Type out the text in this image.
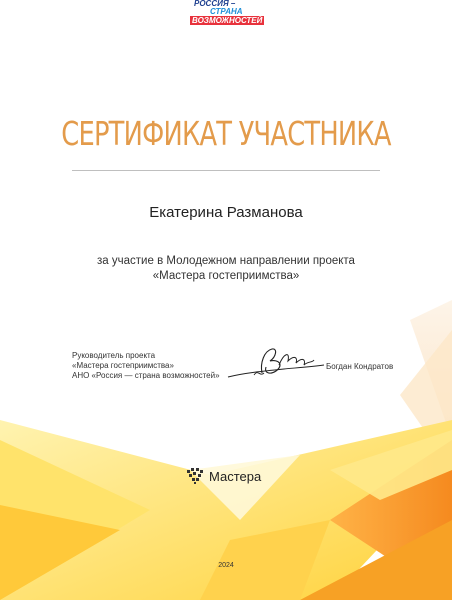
РОССИЯ –
СТРАНА
ВОЗМОЖНОСТЕЙ
СЕРТИФИКАТ УЧАСТНИКА
Екатерина Разманова
за участие в Молодежном направлении проекта
«Мастера гостеприимства»
Руководитель проекта
«Мастера гостеприимства»
АНО «Россия — страна возможностей»
Богдан Кондратов
Мастера
2024
